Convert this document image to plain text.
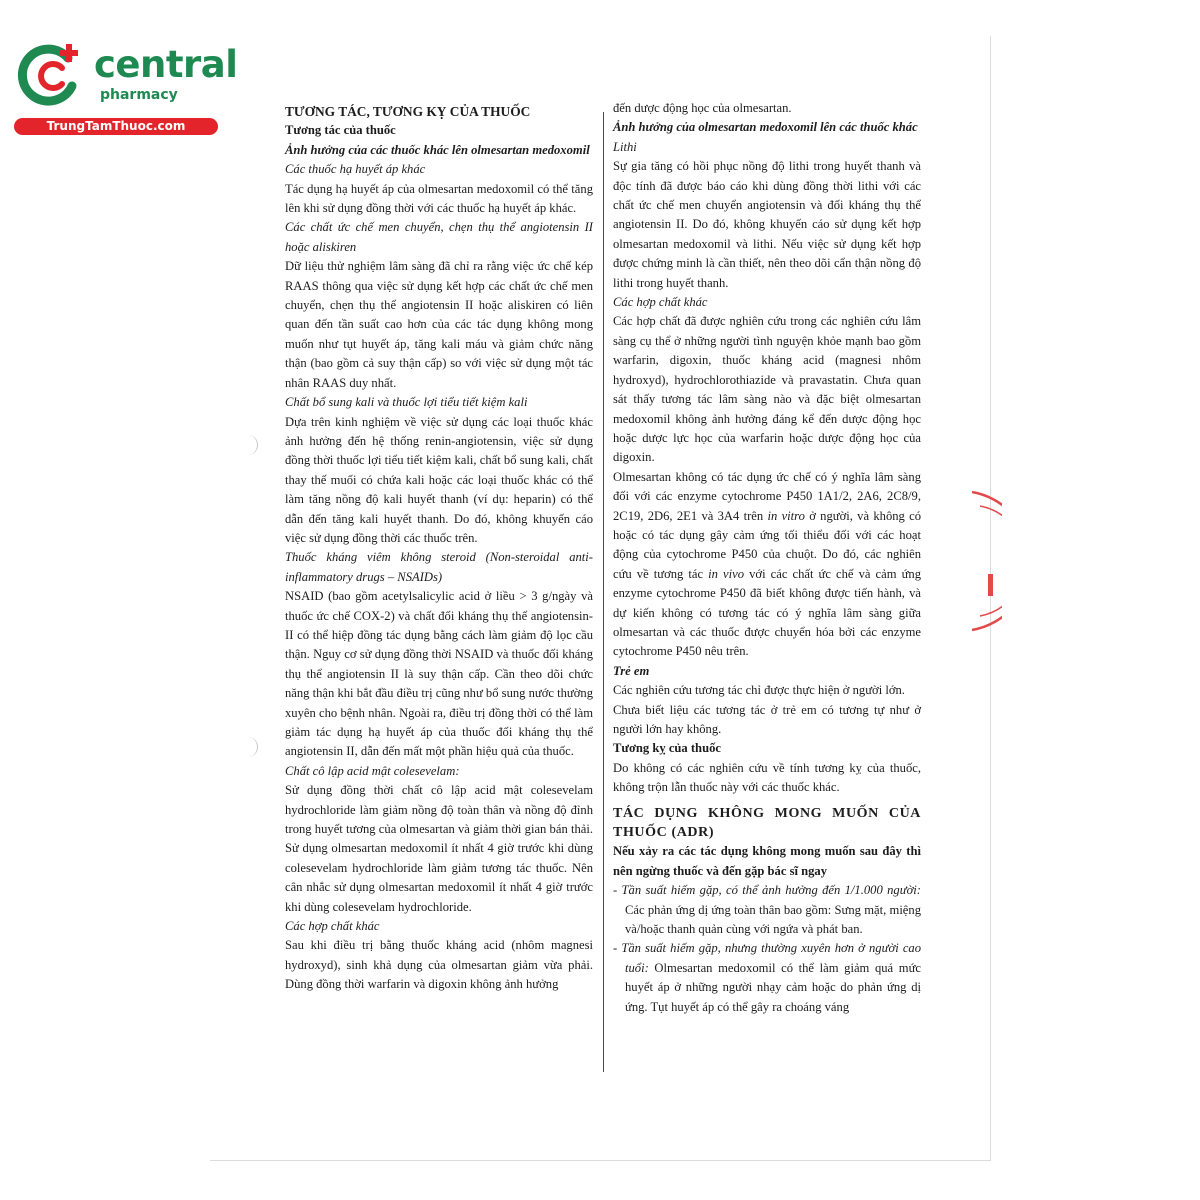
central
pharmacy
TrungTamThuoc.com

TƯƠNG TÁC, TƯƠNG KỴ CỦA THUỐC

Tương tác của thuốc

Ảnh hưởng của các thuốc khác lên olmesartan medoxomil

Các thuốc hạ huyết áp khác

Tác dụng hạ huyết áp của olmesartan medoxomil có thể tăng lên khi sử dụng đồng thời với các thuốc hạ huyết áp khác.

Các chất ức chế men chuyển, chẹn thụ thể angiotensin II hoặc aliskiren

Dữ liệu thử nghiệm lâm sàng đã chỉ ra rằng việc ức chế kép RAAS thông qua việc sử dụng kết hợp các chất ức chế men chuyển, chẹn thụ thể angiotensin II hoặc aliskiren có liên quan đến tần suất cao hơn của các tác dụng không mong muốn như tụt huyết áp, tăng kali máu và giảm chức năng thận (bao gồm cả suy thận cấp) so với việc sử dụng một tác nhân RAAS duy nhất.

Chất bổ sung kali và thuốc lợi tiểu tiết kiệm kali

Dựa trên kinh nghiệm về việc sử dụng các loại thuốc khác ảnh hưởng đến hệ thống renin-angiotensin, việc sử dụng đồng thời thuốc lợi tiểu tiết kiệm kali, chất bổ sung kali, chất thay thế muối có chứa kali hoặc các loại thuốc khác có thể làm tăng nồng độ kali huyết thanh (ví dụ: heparin) có thể dẫn đến tăng kali huyết thanh. Do đó, không khuyến cáo việc sử dụng đồng thời các thuốc trên.

Thuốc kháng viêm không steroid (Non-steroidal anti-inflammatory drugs – NSAIDs)

NSAID (bao gồm acetylsalicylic acid ở liều > 3 g/ngày và thuốc ức chế COX-2) và chất đối kháng thụ thể angiotensin-II có thể hiệp đồng tác dụng bằng cách làm giảm độ lọc cầu thận. Nguy cơ sử dụng đồng thời NSAID và thuốc đối kháng thụ thể angiotensin II là suy thận cấp. Cần theo dõi chức năng thận khi bắt đầu điều trị cũng như bổ sung nước thường xuyên cho bệnh nhân. Ngoài ra, điều trị đồng thời có thể làm giảm tác dụng hạ huyết áp của thuốc đối kháng thụ thể angiotensin II, dẫn đến mất một phần hiệu quả của thuốc.

Chất cô lập acid mật colesevelam:

Sử dụng đồng thời chất cô lập acid mật colesevelam hydrochloride làm giảm nồng độ toàn thân và nồng độ đỉnh trong huyết tương của olmesartan và giảm thời gian bán thải. Sử dụng olmesartan medoxomil ít nhất 4 giờ trước khi dùng colesevelam hydrochloride làm giảm tương tác thuốc. Nên cân nhắc sử dụng olmesartan medoxomil ít nhất 4 giờ trước khi dùng colesevelam hydrochloride.

Các hợp chất khác

Sau khi điều trị bằng thuốc kháng acid (nhôm magnesi hydroxyd), sinh khả dụng của olmesartan giảm vừa phải. Dùng đồng thời warfarin và digoxin không ảnh hưởng

đến dược động học của olmesartan.

Ảnh hưởng của olmesartan medoxomil lên các thuốc khác

Lithi

Sự gia tăng có hồi phục nồng độ lithi trong huyết thanh và độc tính đã được báo cáo khi dùng đồng thời lithi với các chất ức chế men chuyển angiotensin và đối kháng thụ thể angiotensin II. Do đó, không khuyến cáo sử dụng kết hợp olmesartan medoxomil và lithi. Nếu việc sử dụng kết hợp được chứng minh là cần thiết, nên theo dõi cẩn thận nồng độ lithi trong huyết thanh.

Các hợp chất khác

Các hợp chất đã được nghiên cứu trong các nghiên cứu lâm sàng cụ thể ở những người tình nguyện khỏe mạnh bao gồm warfarin, digoxin, thuốc kháng acid (magnesi nhôm hydroxyd), hydrochlorothiazide và pravastatin. Chưa quan sát thấy tương tác lâm sàng nào và đặc biệt olmesartan medoxomil không ảnh hưởng đáng kể đến dược động học hoặc dược lực học của warfarin hoặc dược động học của digoxin.

Olmesartan không có tác dụng ức chế có ý nghĩa lâm sàng đối với các enzyme cytochrome P450 1A1/2, 2A6, 2C8/9, 2C19, 2D6, 2E1 và 3A4 trên in vitro ở người, và không có hoặc có tác dụng gây cảm ứng tối thiểu đối với các hoạt động của cytochrome P450 của chuột. Do đó, các nghiên cứu về tương tác in vivo với các chất ức chế và cảm ứng enzyme cytochrome P450 đã biết không được tiến hành, và dự kiến không có tương tác có ý nghĩa lâm sàng giữa olmesartan và các thuốc được chuyển hóa bởi các enzyme cytochrome P450 nêu trên.

Trẻ em

Các nghiên cứu tương tác chỉ được thực hiện ở người lớn.

Chưa biết liệu các tương tác ở trẻ em có tương tự như ở người lớn hay không.

Tương kỵ của thuốc

Do không có các nghiên cứu về tính tương kỵ của thuốc, không trộn lẫn thuốc này với các thuốc khác.

TÁC DỤNG KHÔNG MONG MUỐN CỦA THUỐC (ADR)

Nếu xảy ra các tác dụng không mong muốn sau đây thì nên ngừng thuốc và đến gặp bác sĩ ngay

- Tần suất hiếm gặp, có thể ảnh hưởng đến 1/1.000 người: Các phản ứng dị ứng toàn thân bao gồm: Sưng mặt, miệng và/hoặc thanh quản cùng với ngứa và phát ban.

- Tần suất hiếm gặp, nhưng thường xuyên hơn ở người cao tuổi: Olmesartan medoxomil có thể làm giảm quá mức huyết áp ở những người nhạy cảm hoặc do phản ứng dị ứng. Tụt huyết áp có thể gây ra choáng váng
